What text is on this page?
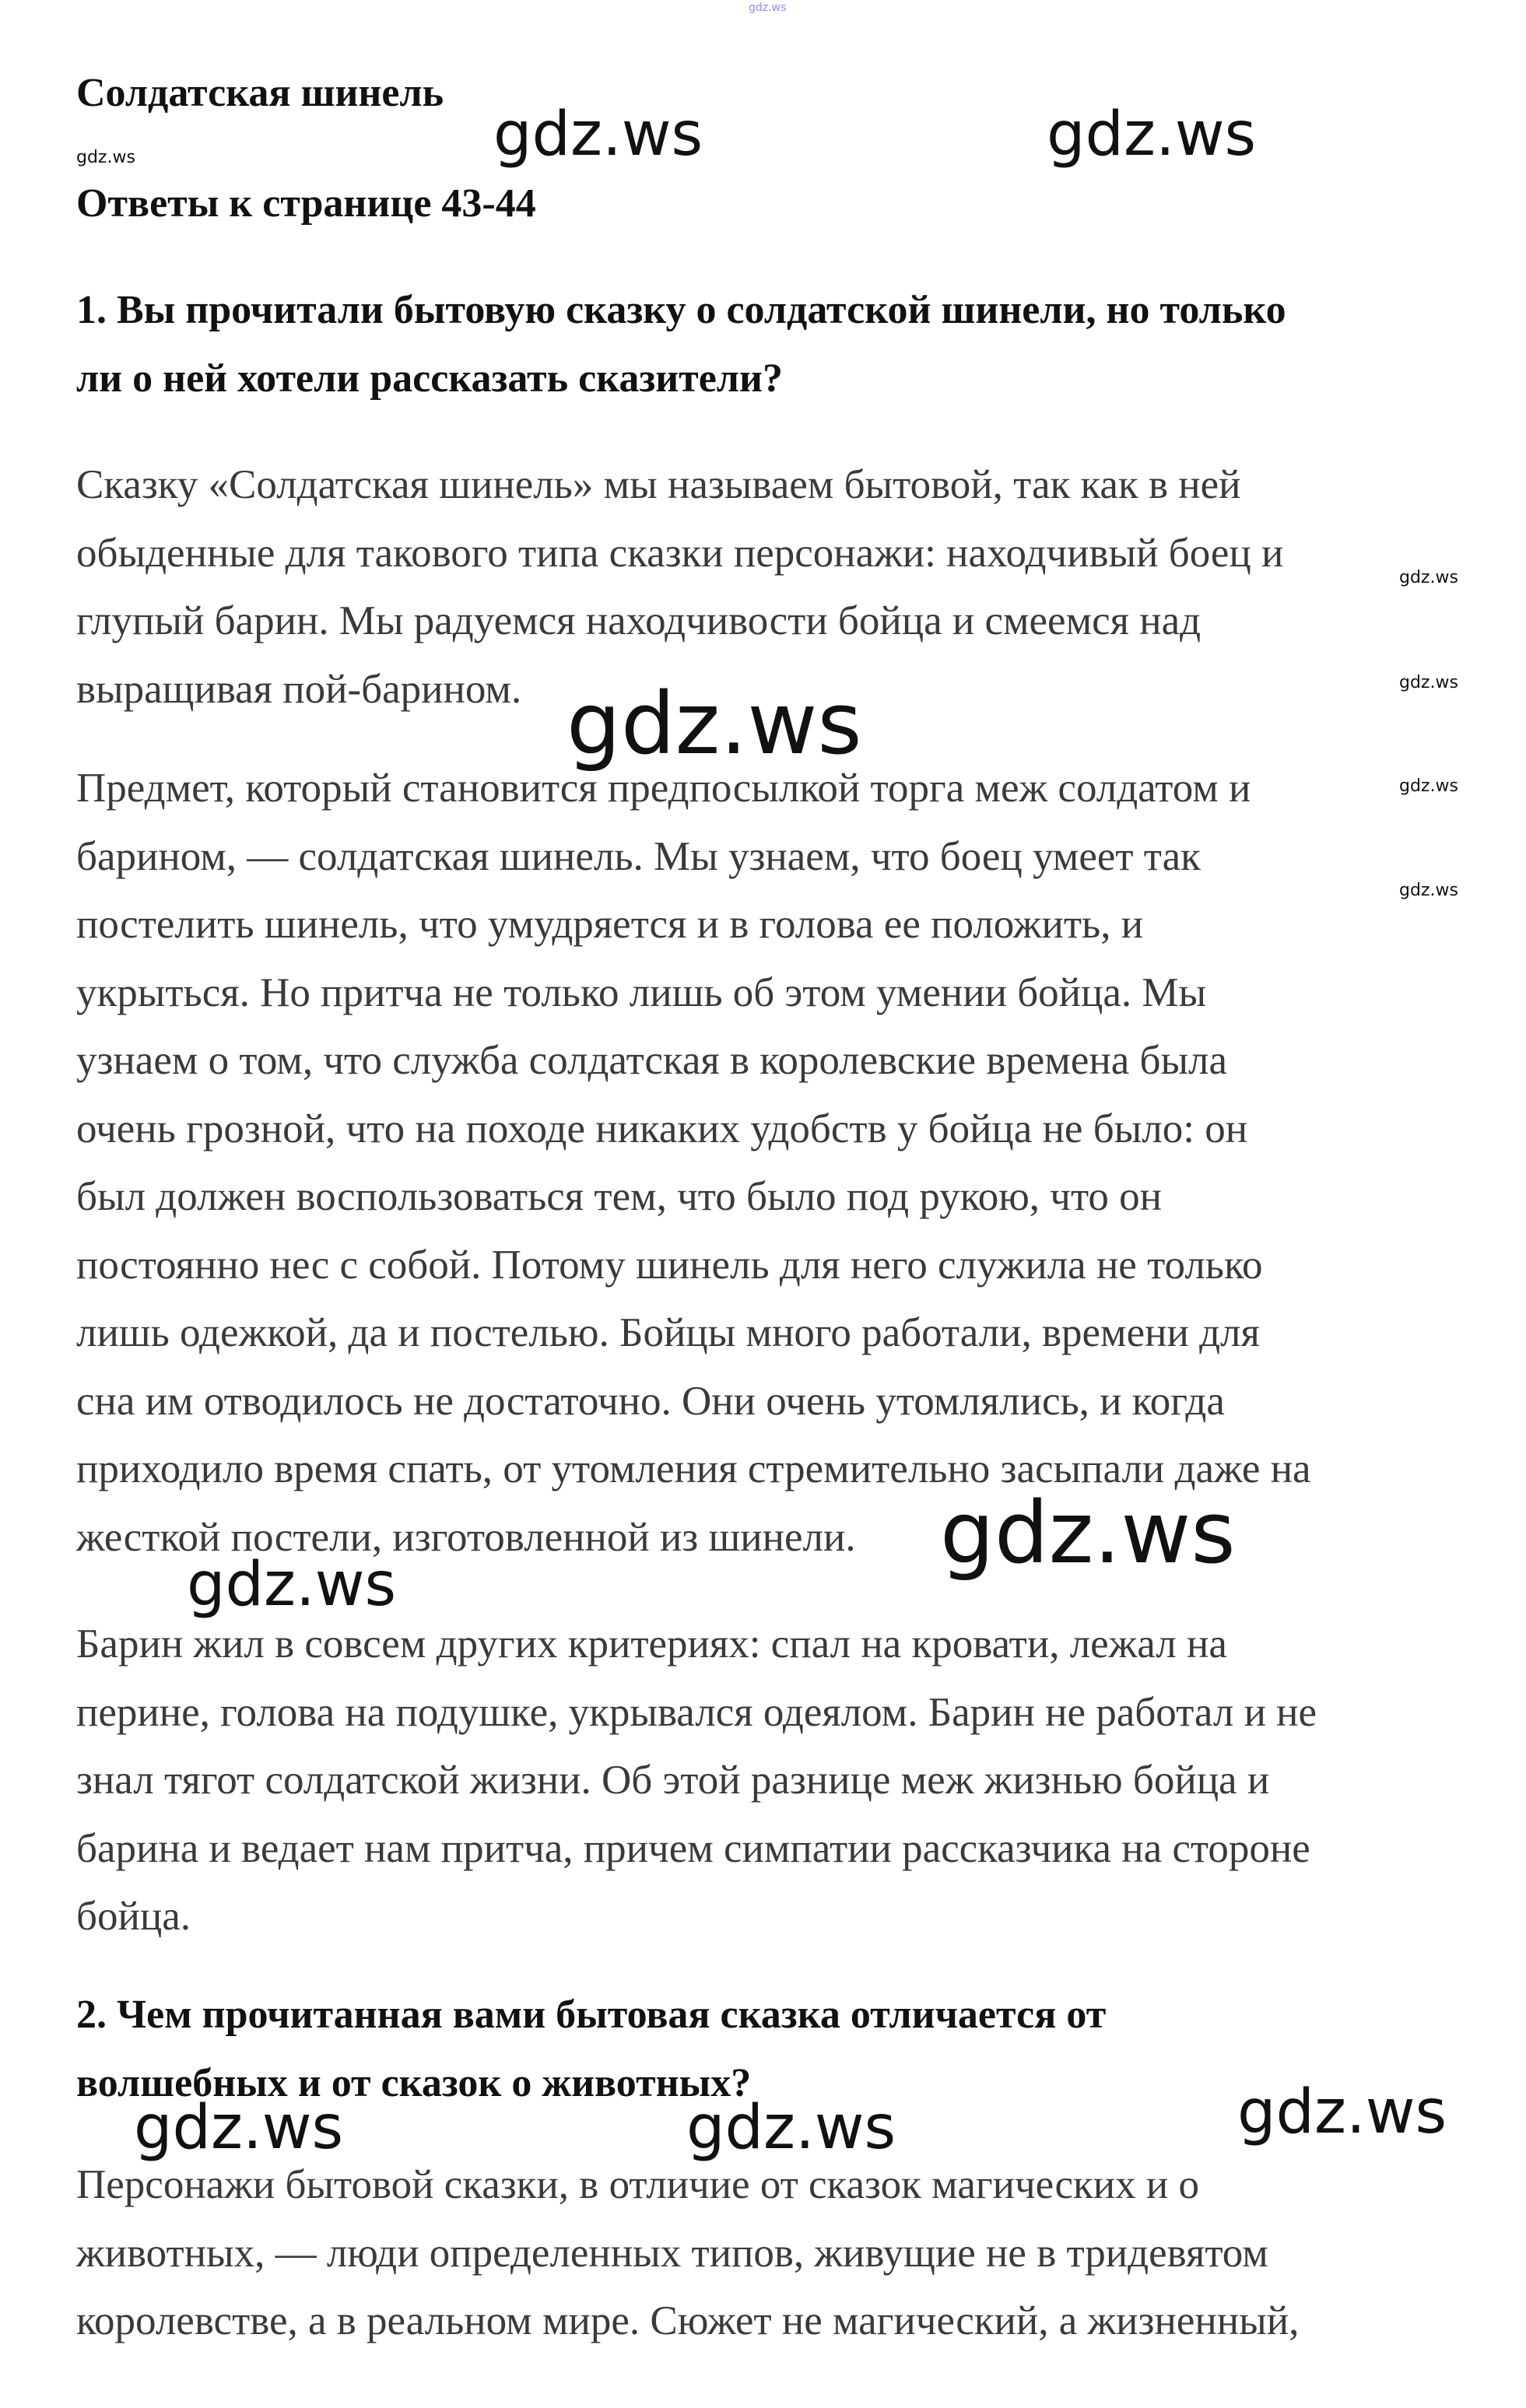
gdz.ws
Солдатская шинель
gdz.ws
Ответы к странице 43-44
1. Вы прочитали бытовую сказку о солдатской шинели, но только
ли о ней хотели рассказать сказители?
Сказку «Солдатская шинель» мы называем бытовой, так как в ней
обыденные для такового типа сказки персонажи: находчивый боец и
глупый барин. Мы радуемся находчивости бойца и смеемся над
выращивая пой-барином.
Предмет, который становится предпосылкой торга меж солдатом и
барином, — солдатская шинель. Мы узнаем, что боец умеет так
постелить шинель, что умудряется и в голова ее положить, и
укрыться. Но притча не только лишь об этом умении бойца. Мы
узнаем о том, что служба солдатская в королевские времена была
очень грозной, что на походе никаких удобств у бойца не было: он
был должен воспользоваться тем, что было под рукою, что он
постоянно нес с собой. Потому шинель для него служила не только
лишь одежкой, да и постелью. Бойцы много работали, времени для
сна им отводилось не достаточно. Они очень утомлялись, и когда
приходило время спать, от утомления стремительно засыпали даже на
жесткой постели, изготовленной из шинели.
Барин жил в совсем других критериях: спал на кровати, лежал на
перине, голова на подушке, укрывался одеялом. Барин не работал и не
знал тягот солдатской жизни. Об этой разнице меж жизнью бойца и
барина и ведает нам притча, причем симпатии рассказчика на стороне
бойца.
2. Чем прочитанная вами бытовая сказка отличается от
волшебных и от сказок о животных?
Персонажи бытовой сказки, в отличие от сказок магических и о
животных, — люди определенных типов, живущие не в тридевятом
королевстве, а в реальном мире. Сюжет не магический, а жизненный,
gdz.ws	gdz.ws
gdz.ws
gdz.ws
gdz.ws
gdz.ws
gdz.ws
gdz.ws
gdz.ws
gdz.ws	gdz.ws	gdz.ws
